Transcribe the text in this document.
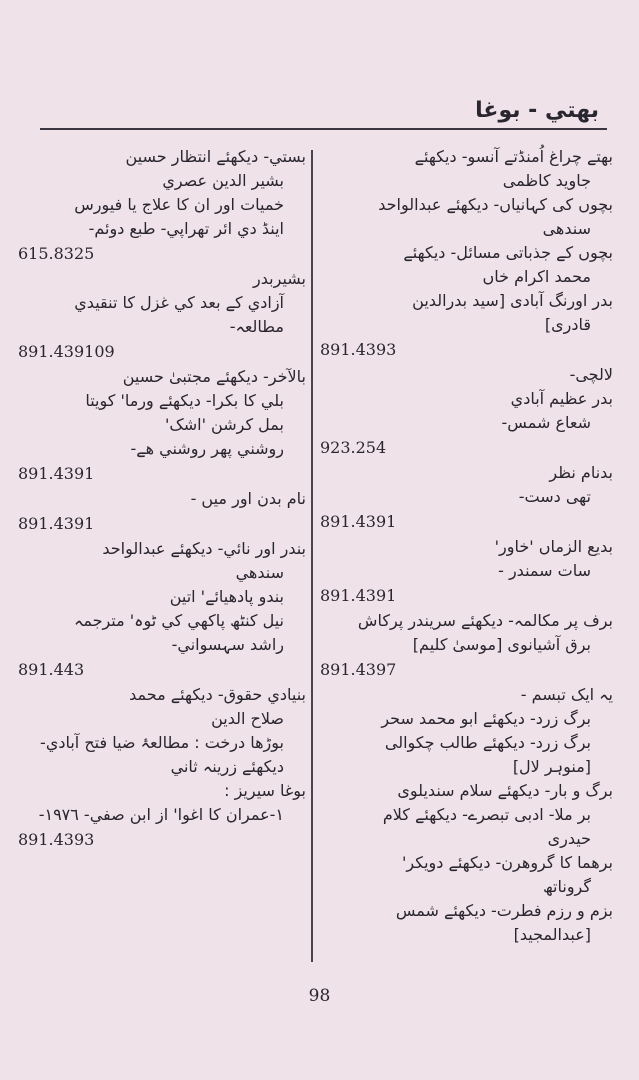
بھتي - بوغا
بھتے چراغ اُمنڈتے آنسو- دیکھئے
جاوید کاظمی
بچوں کی کہانیاں- دیکھئے عبدالواحد
سندھی
بچوں کے جذباتی مسائل- دیکھئے
محمد اکرام خاں
بدر اورنگ آبادی [سید بدرالدین
قادری]
891.4393
لالچی-
بدر عظیم آبادي
شعاع شمس-
923.254
بدنام نظر
تھی دست-
891.4391
بدیع الزماں 'خاور'
سات سمندر -
891.4391
برف پر مکالمہ- دیکھئے سریندر پرکاش
برق آشیانوی [موسیٰ کلیم]
891.4397
یہ ایک تبسم -
برگ زرد- دیکھئے ابو محمد سحر
برگ زرد- دیکھئے طالب چکوالی
[منوہر لال]
برگ و بار- دیکھئے سلام سندیلوی
بر ملا- ادبی تبصرے- دیکھئے کلام
حیدری
برھما کا گروھرن- دیکھئے دویکر'
گروناتھ
بزم و رزم فطرت- دیکھئے شمس
[عبدالمجید]
بستي- دیکھئے انتظار حسین
بشیر الدین عصري
خمیات اور ان کا علاج یا فیورس
اینڈ دي ائر تھراپي- طبع دوئم-
615.8325
بشیربدر
آزادي کے بعد کي غزل کا تنقیدي
مطالعہ-
891.439109
بالآخر- دیکھئے مجتبیٰ حسین
بلي کا بکرا- دیکھئے ورما' کویتا
بمل کرشن 'اشک'
روشني پھر روشني ھے-
891.4391
نام بدن اور میں -
891.4391
بندر اور نائي- دیکھئے عبدالواحد
سندھي
بندو پادھیائے' اتین
نیل کنٹھ پاکھي کي ٹوہ' مترجمہ
راشد سہسواني-
891.443
بنیادي حقوق- دیکھئے محمد
صلاح الدین
بوڑھا درخت : مطالعۂ ضیا فتح آبادي-
دیکھئے زرینہ ثاني
بوغا سیریز :
١-عمران کا اغوا' از ابن صفي- ١٩٧٦-
891.4393
98
